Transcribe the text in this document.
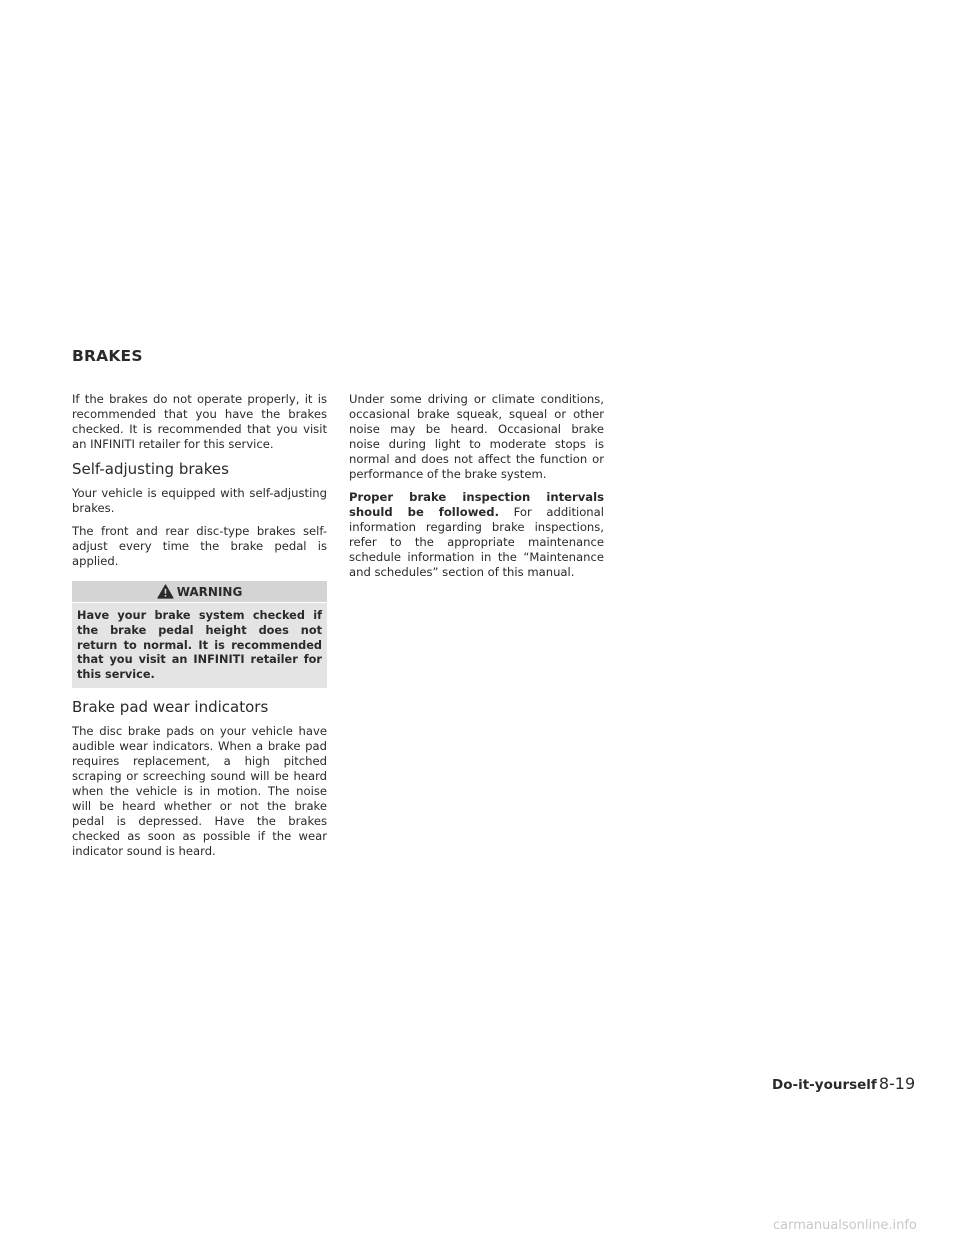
BRAKES

If the brakes do not operate properly, it is recommended that you have the brakes checked. It is recommended that you visit an INFINITI retailer for this service.

Self-adjusting brakes

Your vehicle is equipped with self-adjusting brakes.

The front and rear disc-type brakes self-adjust every time the brake pedal is applied.

WARNING

Have your brake system checked if the brake pedal height does not return to normal. It is recommended that you visit an INFINITI retailer for this service.

Brake pad wear indicators

The disc brake pads on your vehicle have audible wear indicators. When a brake pad requires replacement, a high pitched scraping or screeching sound will be heard when the vehicle is in motion. The noise will be heard whether or not the brake pedal is depressed. Have the brakes checked as soon as possible if the wear indicator sound is heard.

Under some driving or climate conditions, occasional brake squeak, squeal or other noise may be heard. Occasional brake noise during light to moderate stops is normal and does not affect the function or performance of the brake system.

Proper brake inspection intervals should be followed. For additional information regarding brake inspections, refer to the appropriate maintenance schedule information in the “Maintenance and schedules” section of this manual.

Do-it-yourself 8-19
carmanualsonline.info
